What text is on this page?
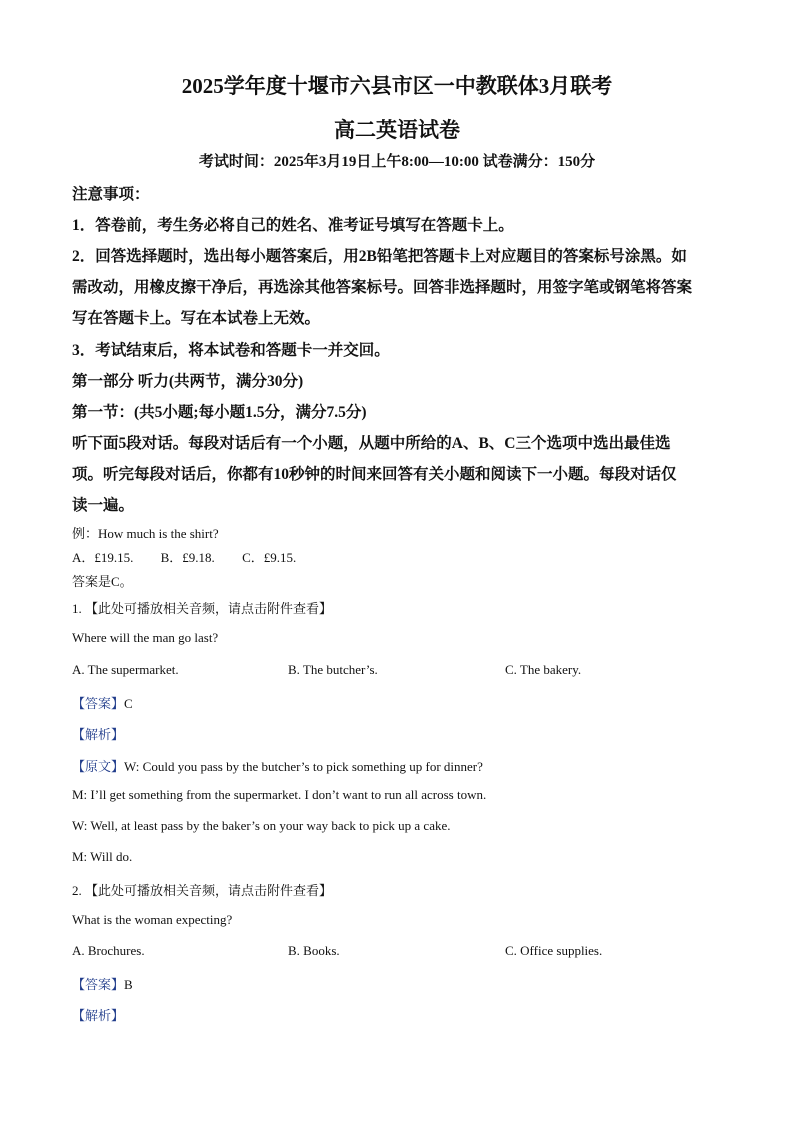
2025学年度十堰市六县市区一中教联体3月联考
高二英语试卷
考试时间：2025年3月19日上午8:00—10:00 试卷满分：150分
注意事项：
1．答卷前，考生务必将自己的姓名、准考证号填写在答题卡上。
2．回答选择题时，选出每小题答案后，用2B铅笔把答题卡上对应题目的答案标号涂黑。如
需改动，用橡皮擦干净后，再选涂其他答案标号。回答非选择题时，用签字笔或钢笔将答案
写在答题卡上。写在本试卷上无效。
3．考试结束后，将本试卷和答题卡一并交回。
第一部分 听力(共两节，满分30分)
第一节：(共5小题;每小题1.5分，满分7.5分)
听下面5段对话。每段对话后有一个小题，从题中所给的A、B、C三个选项中选出最佳选
项。听完每段对话后，你都有10秒钟的时间来回答有关小题和阅读下一小题。每段对话仅
读一遍。
例：How much is the shirt?
A．£19.15. B．£9.18. C．£9.15.
答案是C。
1. 【此处可播放相关音频，请点击附件查看】
Where will the man go last?
A. The supermarket.	B. The butcher’s.	C. The bakery.
【答案】C
【解析】
【原文】W: Could you pass by the butcher’s to pick something up for dinner?
M: I’ll get something from the supermarket. I don’t want to run all across town.
W: Well, at least pass by the baker’s on your way back to pick up a cake.
M: Will do.
2. 【此处可播放相关音频，请点击附件查看】
What is the woman expecting?
A. Brochures.	B. Books.	C. Office supplies.
【答案】B
【解析】
